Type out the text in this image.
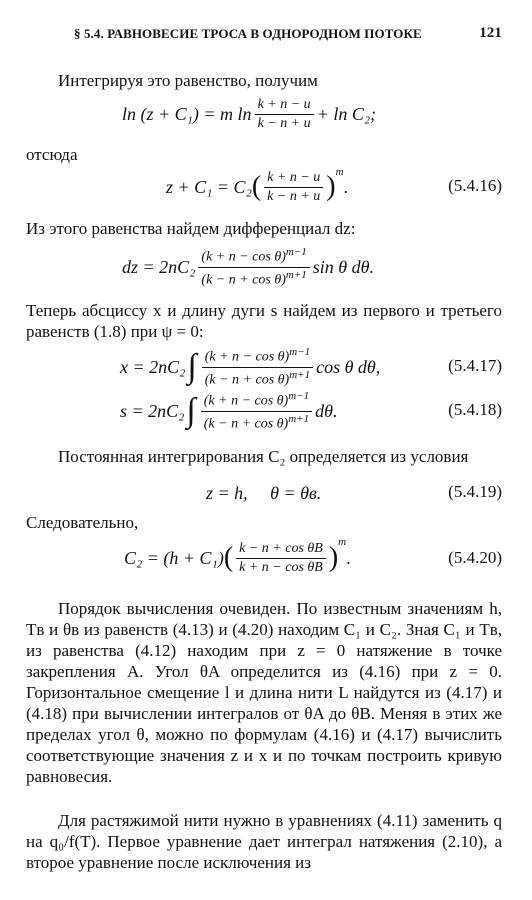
§ 5.4. РАВНОВЕСИЕ ТРОСА В ОДНОРОДНОМ ПОТОКЕ	121

Интегрируя это равенство, получим

ln (z + C₁) = m $\ln \frac{k + n - u}{k - n + u} + \ln C_2$;

отсюда

z + C₁ = C₂ ( $\frac{k + n - u}{k - n + u} )^m$
.	(5.4.16)

Из этого равенства найдем дифференциал dz:

dz = $2nC_2 \frac{(k + n - \cos \theta)^{m-1}}{(k - n + \cos \theta)^{m+1}}$ sin θ dθ.

Теперь абсциссу x и длину дуги s найдем из первого и третьего равенств (1.8) при ψ = 0:

x = 2nC₂ ∫ $\frac{(k + n - \cos \theta)^{m-1}}{(k - n + \cos \theta)^{m+1}}$ cos θ dθ,	(5.4.17)
s = 2nC₂ ∫ $\frac{(k + n - \cos \theta)^{m-1}}{(k - n + \cos \theta)^{m+1}} d\theta$.	(5.4.18)

Постоянная интегрирования C₂ определяется из условия

z = h,     θ = θв.	(5.4.19)

Следовательно,

C₂ = (h + C₁) ( $\frac{\text{k − n + cos θB}}{\text{k + n − cos θB}} )^m$
.	(5.4.20)

Порядок вычисления очевиден. По известным значениям h, Tв и θв из равенств (4.13) и (4.20) находим C₁ и C₂. Зная C₁ и Tв, из равенства (4.12) находим при z = 0 натяжение в точке закрепления A. Угол θA определится из (4.16) при z = 0. Горизонтальное смещение l и длина нити L найдутся из (4.17) и (4.18) при вычислении интегралов от θA до θB. Меняя в этих же пределах угол θ, можно по формулам (4.16) и (4.17) вычислить соответствующие значения z и x и по точкам построить кривую равновесия.

Для растяжимой нити нужно в уравнениях (4.11) заменить q на q₀/f(T). Первое уравнение дает интеграл натяжения (2.10), а второе уравнение после исключения из
